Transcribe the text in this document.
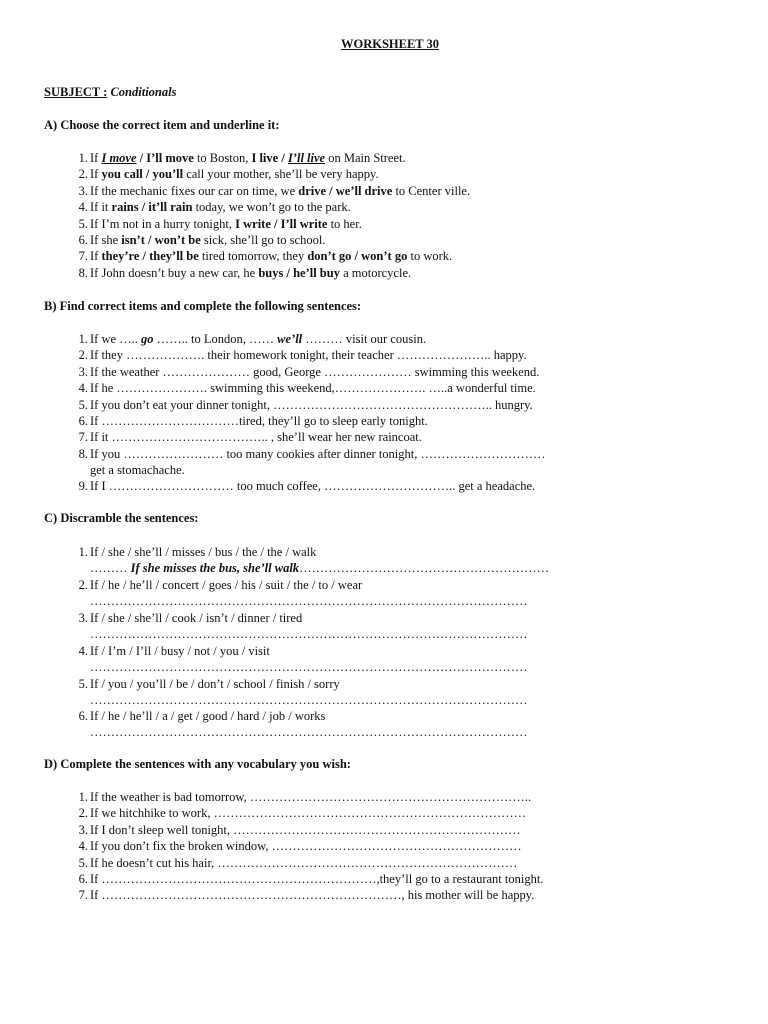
WORKSHEET 30
SUBJECT : Conditionals
A) Choose the correct item and underline it:
1. If I move / I’ll move to Boston, I live / I’ll live on Main Street.
2. If you call / you’ll call your mother, she’ll be very happy.
3. If the mechanic fixes our car on time, we drive / we’ll drive to Center ville.
4. If it rains / it’ll rain today, we won’t go to the park.
5. If I’m not in a hurry tonight, I write / I’ll write to her.
6. If she isn’t / won’t be sick, she’ll go to school.
7. If they’re / they’ll be tired tomorrow, they don’t go / won’t go to work.
8. If John doesn’t buy a new car, he buys / he’ll buy a motorcycle.
B) Find correct items and complete the following sentences:
1. If we ….. go …….. to London, …… we’ll ……… visit our cousin.
2. If they ………………. their homework tonight, their teacher ………………….. happy.
3. If the weather ………………… good, George ………………… swimming this weekend.
4. If he …………………. swimming this weekend,…………………. …..a wonderful time.
5. If you don’t eat your dinner tonight, …………………………………………….. hungry.
6. If ……………………………tired, they’ll go to sleep early tonight.
7. If it ……………………………….. , she’ll wear her new raincoat.
8. If you …………………… too many cookies after dinner tonight, …………………………
get a stomachache.
9. If I ………………………… too much coffee, ………………………….. get a headache.
C) Discramble the sentences:
1. If / she / she’ll / misses / bus / the / the / walk
……… If she misses the bus, she’ll walk……………………………………………………
2. If / he / he’ll / concert / goes / his / suit / the / to / wear
……………………………………………………………………………………………
3. If / she / she’ll / cook / isn’t / dinner / tired
……………………………………………………………………………………………
4. If / I’m / I’ll / busy / not / you / visit
……………………………………………………………………………………………
5. If / you / you’ll / be / don’t / school / finish / sorry
……………………………………………………………………………………………
6. If / he / he’ll / a / get / good / hard / job / works
……………………………………………………………………………………………
D) Complete the sentences with any vocabulary you wish:
1. If the weather is bad tomorrow, …………………………………………………………..
2. If we hitchhike to work, …………………………………………………………………
3. If I don’t sleep well tonight, ……………………………………………………………
4. If you don’t fix the broken window, ……………………………………………………
5. If he doesn’t cut his hair, ………………………………………………………………
6. If …………………………………………………………,they’ll go to a restaurant tonight.
7. If ………………………………………………………………, his mother will be happy.
